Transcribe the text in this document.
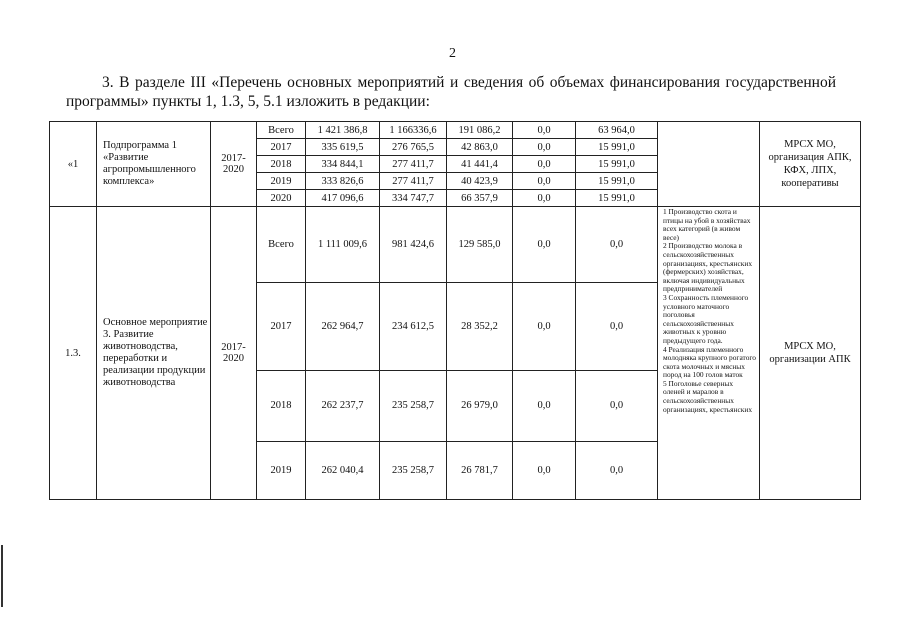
2
3. В разделе III «Перечень основных мероприятий и сведения об объемах финансирования государственной программы» пункты 1, 1.3, 5, 5.1 изложить в редакции:
«1	Подпрограмма 1 «Развитие агропромышленного комплекса»	2017-2020	Всего	1 421 386,8	1 166336,6	191 086,2	0,0	63 964,0		МРСХ МО, организация АПК, КФХ, ЛПХ, кооперативы
			2017	335 619,5	276 765,5	42 863,0	0,0	15 991,0		
			2018	334 844,1	277 411,7	41 441,4	0,0	15 991,0		
			2019	333 826,6	277 411,7	40 423,9	0,0	15 991,0		
			2020	417 096,6	334 747,7	66 357,9	0,0	15 991,0		
1.3.	Основное мероприятие 3. Развитие животноводства, переработки и реализации продукции животноводства	2017-2020	Всего	1 111 009,6	981 424,6	129 585,0	0,0	0,0	1 Производство скота и птицы на убой в хозяйствах всех категорий (в живом весе)
2 Производство молока в сельскохозяйственных организациях, крестьянских (фермерских) хозяйствах, включая индивидуальных предпринимателей
3 Сохранность племенного условного маточного поголовья сельскохозяйственных животных к уровню предыдущего года.
4 Реализация племенного молодняка крупного рогатого скота молочных и мясных пород на 100 голов маток
5 Поголовье северных оленей и маралов в сельскохозяйственных организациях, крестьянских	МРСХ МО, организации АПК
			2017	262 964,7	234 612,5	28 352,2	0,0	0,0		
			2018	262 237,7	235 258,7	26 979,0	0,0	0,0		
			2019	262 040,4	235 258,7	26 781,7	0,0	0,0		
